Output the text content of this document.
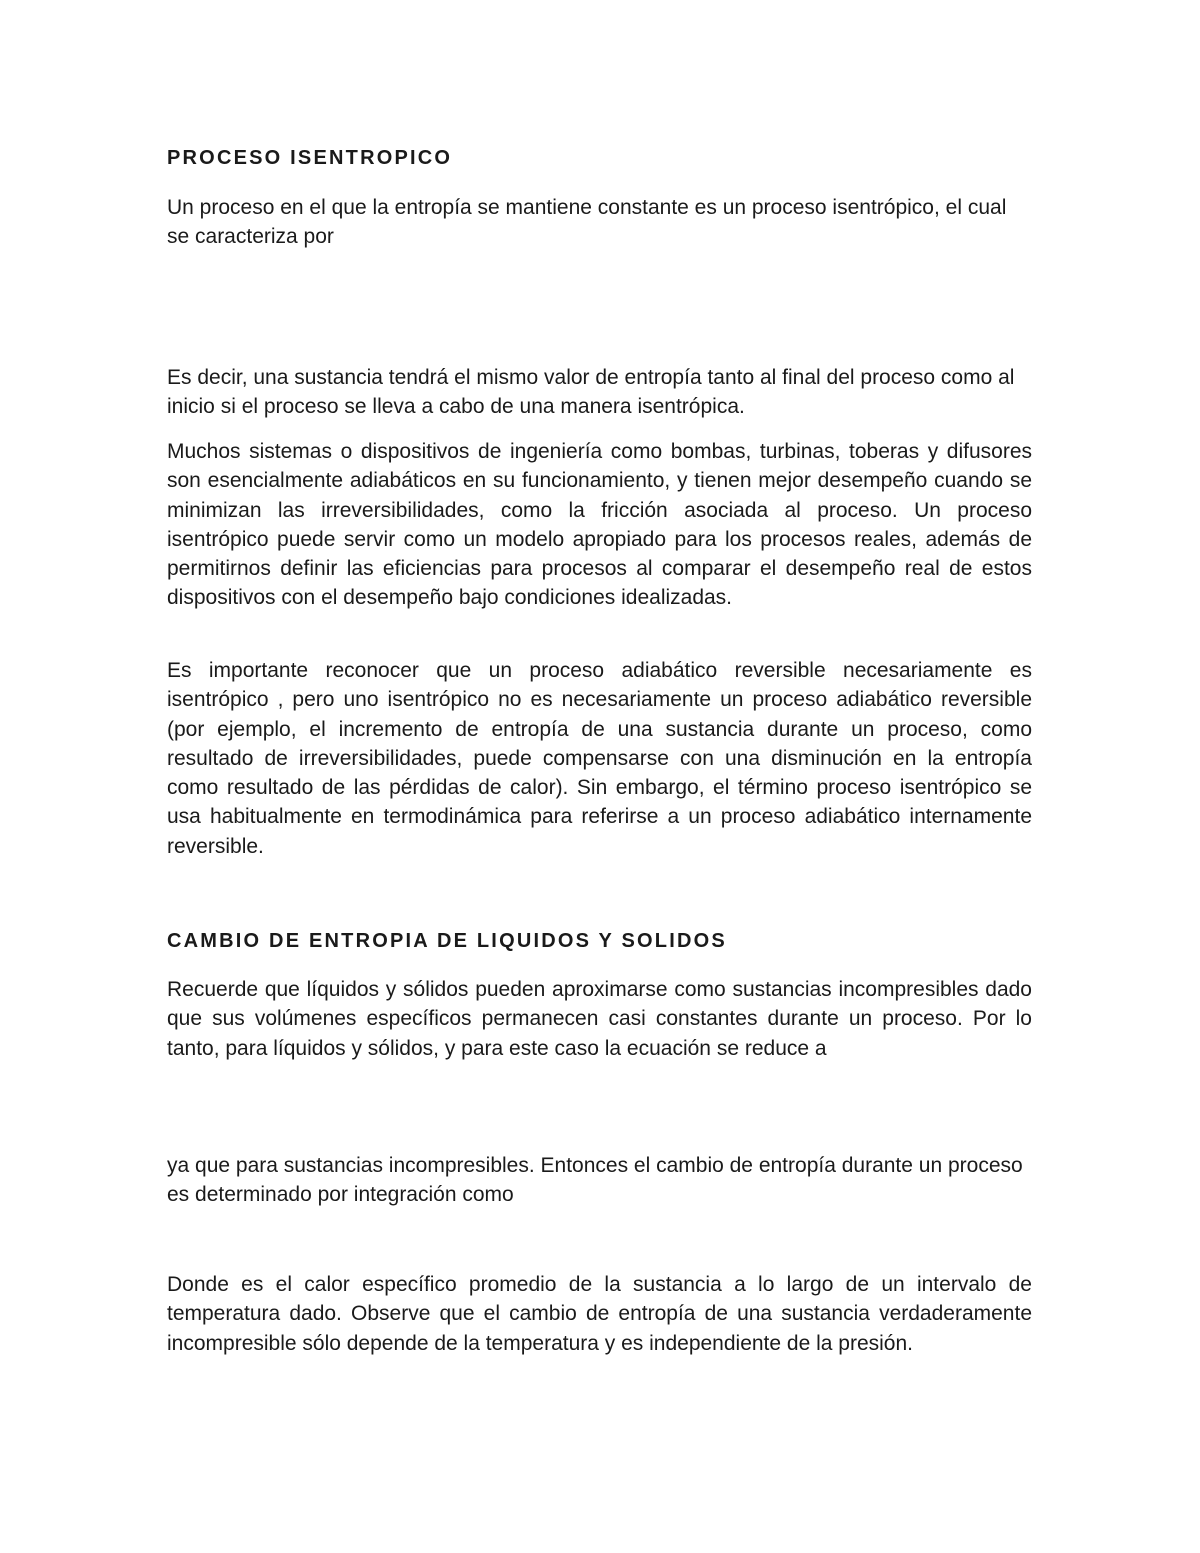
PROCESO ISENTROPICO

Un proceso en el que la entropía se mantiene constante es un proceso isentrópico, el cual se caracteriza por

Es decir, una sustancia tendrá el mismo valor de entropía tanto al final del proceso como al inicio si el proceso se lleva a cabo de una manera isentrópica.

Muchos sistemas o dispositivos de ingeniería como bombas, turbinas, toberas y difusores son esencialmente adiabáticos en su funcionamiento, y tienen mejor desempeño cuando se minimizan las irreversibilidades, como la fricción asociada al proceso. Un proceso isentrópico puede servir como un modelo apropiado para los procesos reales, además de permitirnos definir las eficiencias para procesos al comparar el desempeño real de estos dispositivos con el desempeño bajo condiciones idealizadas.

Es importante reconocer que un proceso adiabático reversible necesariamente es isentrópico , pero uno isentrópico no es necesariamente un proceso adiabático reversible (por ejemplo, el incremento de entropía de una sustancia durante un proceso, como resultado de irreversibilidades, puede compensarse con una disminución en la entropía como resultado de las pérdidas de calor). Sin embargo, el término proceso isentrópico se usa habitualmente en termodinámica para referirse a un proceso adiabático internamente reversible.

CAMBIO DE ENTROPIA DE LIQUIDOS Y SOLIDOS

Recuerde que líquidos y sólidos pueden aproximarse como sustancias incompresibles dado que sus volúmenes específicos permanecen casi constantes durante un proceso. Por lo tanto, para líquidos y sólidos, y para este caso la ecuación se reduce a

ya que para sustancias incompresibles. Entonces el cambio de entropía durante un proceso es determinado por integración como

Donde es el calor específico promedio de la sustancia a lo largo de un intervalo de temperatura dado. Observe que el cambio de entropía de una sustancia verdaderamente incompresible sólo depende de la temperatura y es independiente de la presión.
